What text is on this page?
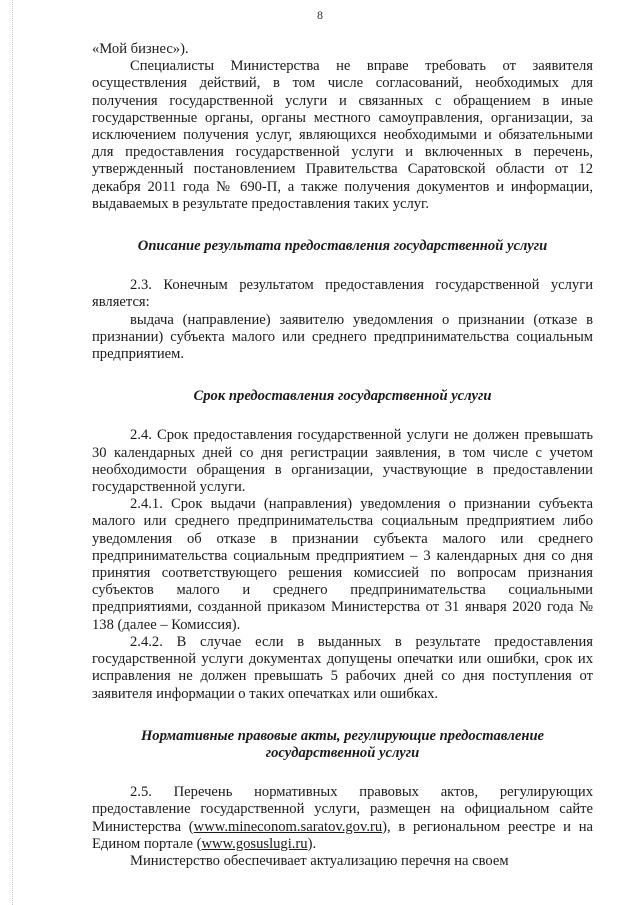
8

«Мой бизнес»).

Специалисты Министерства не вправе требовать от заявителя осуществления действий, в том числе согласований, необходимых для получения государственной услуги и связанных с обращением в иные государственные органы, органы местного самоуправления, организации, за исключением получения услуг, являющихся необходимыми и обязательными для предоставления государственной услуги и включенных в перечень, утвержденный постановлением Правительства Саратовской области от 12 декабря 2011 года № 690-П, а также получения документов и информации, выдаваемых в результате предоставления таких услуг.

Описание результата предоставления государственной услуги

2.3. Конечным результатом предоставления государственной услуги является:

выдача (направление) заявителю уведомления о признании (отказе в признании) субъекта малого или среднего предпринимательства социальным предприятием.

Срок предоставления государственной услуги

2.4. Срок предоставления государственной услуги не должен превышать 30 календарных дней со дня регистрации заявления, в том числе с учетом необходимости обращения в организации, участвующие в предоставлении государственной услуги.

2.4.1. Срок выдачи (направления) уведомления о признании субъекта малого или среднего предпринимательства социальным предприятием либо уведомления об отказе в признании субъекта малого или среднего предпринимательства социальным предприятием – 3 календарных дня со дня принятия соответствующего решения комиссией по вопросам признания субъектов малого и среднего предпринимательства социальными предприятиями, созданной приказом Министерства от 31 января 2020 года № 138 (далее – Комиссия).

2.4.2. В случае если в выданных в результате предоставления государственной услуги документах допущены опечатки или ошибки, срок их исправления не должен превышать 5 рабочих дней со дня поступления от заявителя информации о таких опечатках или ошибках.

Нормативные правовые акты, регулирующие предоставление государственной услуги

2.5. Перечень нормативных правовых актов, регулирующих предоставление государственной услуги, размещен на официальном сайте Министерства (www.mineconom.saratov.gov.ru), в региональном реестре и на Едином портале (www.gosuslugi.ru).

Министерство обеспечивает актуализацию перечня на своем
